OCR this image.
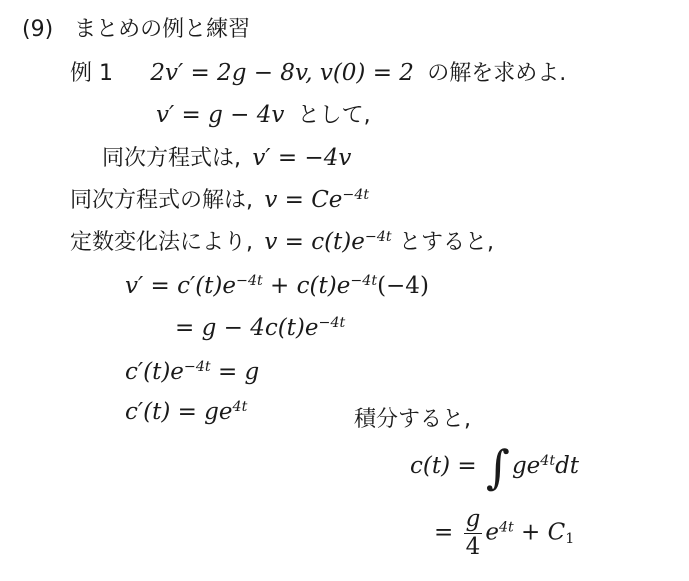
(9) まとめの例と練習
例 1 2v′ = 2g − 8v, v(0) = 2 の解を求めよ.
v′ = g − 4v として,
同次方程式は, v′ = −4v
同次方程式の解は, $v = Ce^{-4t}$
定数変化法により, $v = c(t)e^{-4t}$ とすると,
$v' = c'(t)e^{-4t} + c(t)e^{-4t}(-4)$
= $g - 4c(t)e^{-4t}$
$c'(t)e^{-4t} = g$
$c'(t) = ge^{4t}$	積分すると,
$c(t) = \int ge^{4t}dt$
= $\frac{g}{4} e^{4t} + C_1$
